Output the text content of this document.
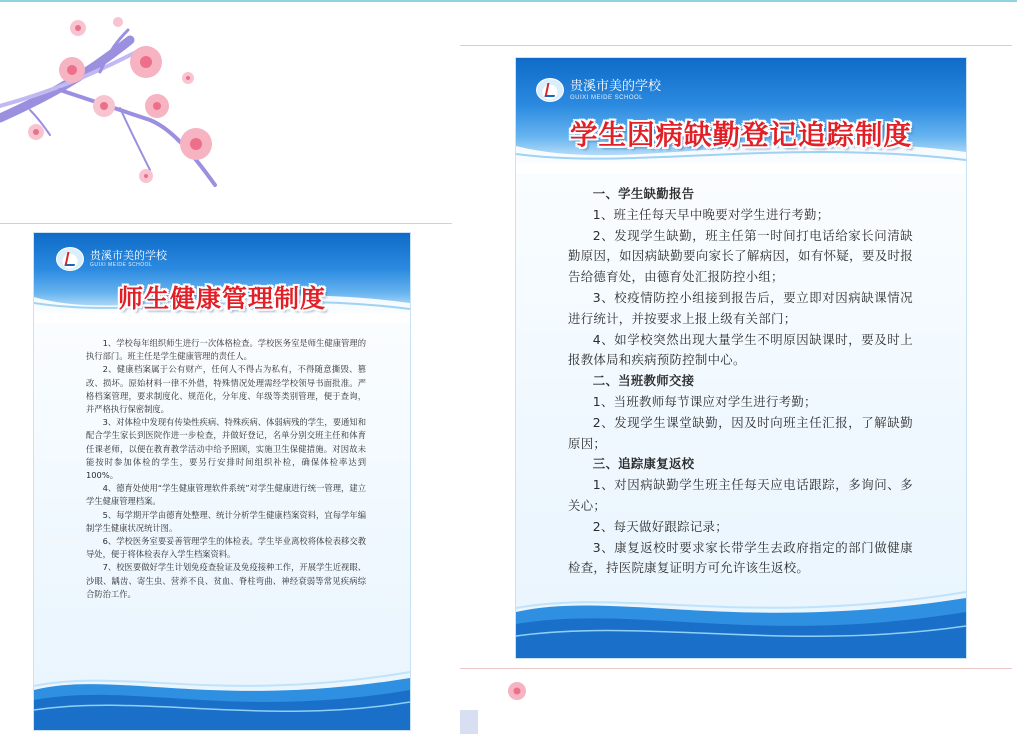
贵溪市美的学校
GUIXI MEIDE SCHOOL
师生健康管理制度

1、学校每年组织师生进行一次体格检查。学校医务室是师生健康管理的执行部门。班主任是学生健康管理的责任人。

2、健康档案属于公有财产，任何人不得占为私有，不得随意撕毁、篡改、损坏。原始材料一律不外借，特殊情况处理需经学校领导书面批准。严格档案管理，要求制度化、规范化，分年度、年级等类别管理，便于查询，并严格执行保密制度。

3、对体检中发现有传染性疾病、特殊疾病、体弱病残的学生，要通知和配合学生家长到医院作进一步检查，并做好登记，名单分别交班主任和体育任课老师，以便在教育教学活动中给予照顾，实施卫生保健措施。对因故未能按时参加体检的学生，要另行安排时间组织补检，确保体检率达到100%。

4、德育处使用“学生健康管理软件系统”对学生健康进行统一管理，建立学生健康管理档案。

5、每学期开学由德育处整理、统计分析学生健康档案资料，宜每学年编制学生健康状况统计图。

6、学校医务室要妥善管理学生的体检表。学生毕业离校将体检表移交教导处，便于将体检表存入学生档案资料。

7、校医要做好学生计划免疫查验证及免疫接种工作，开展学生近视眼、沙眼、龋齿、寄生虫、营养不良、贫血、脊柱弯曲、神经衰弱等常见疾病综合防治工作。

贵溪市美的学校
GUIXI MEIDE SCHOOL
学生因病缺勤登记追踪制度
一、学生缺勤报告

1、班主任每天早中晚要对学生进行考勤；

2、发现学生缺勤，班主任第一时间打电话给家长问清缺勤原因，如因病缺勤要向家长了解病因，如有怀疑，要及时报告给德育处，由德育处汇报防控小组；

3、校疫情防控小组接到报告后，要立即对因病缺课情况进行统计，并按要求上报上级有关部门；

4、如学校突然出现大量学生不明原因缺课时，要及时上报教体局和疾病预防控制中心。

二、当班教师交接

1、当班教师每节课应对学生进行考勤；

2、发现学生课堂缺勤，因及时向班主任汇报，了解缺勤原因；

三、追踪康复返校

1、对因病缺勤学生班主任每天应电话跟踪，多询问、多关心；

2、每天做好跟踪记录；

3、康复返校时要求家长带学生去政府指定的部门做健康检查，持医院康复证明方可允许该生返校。
